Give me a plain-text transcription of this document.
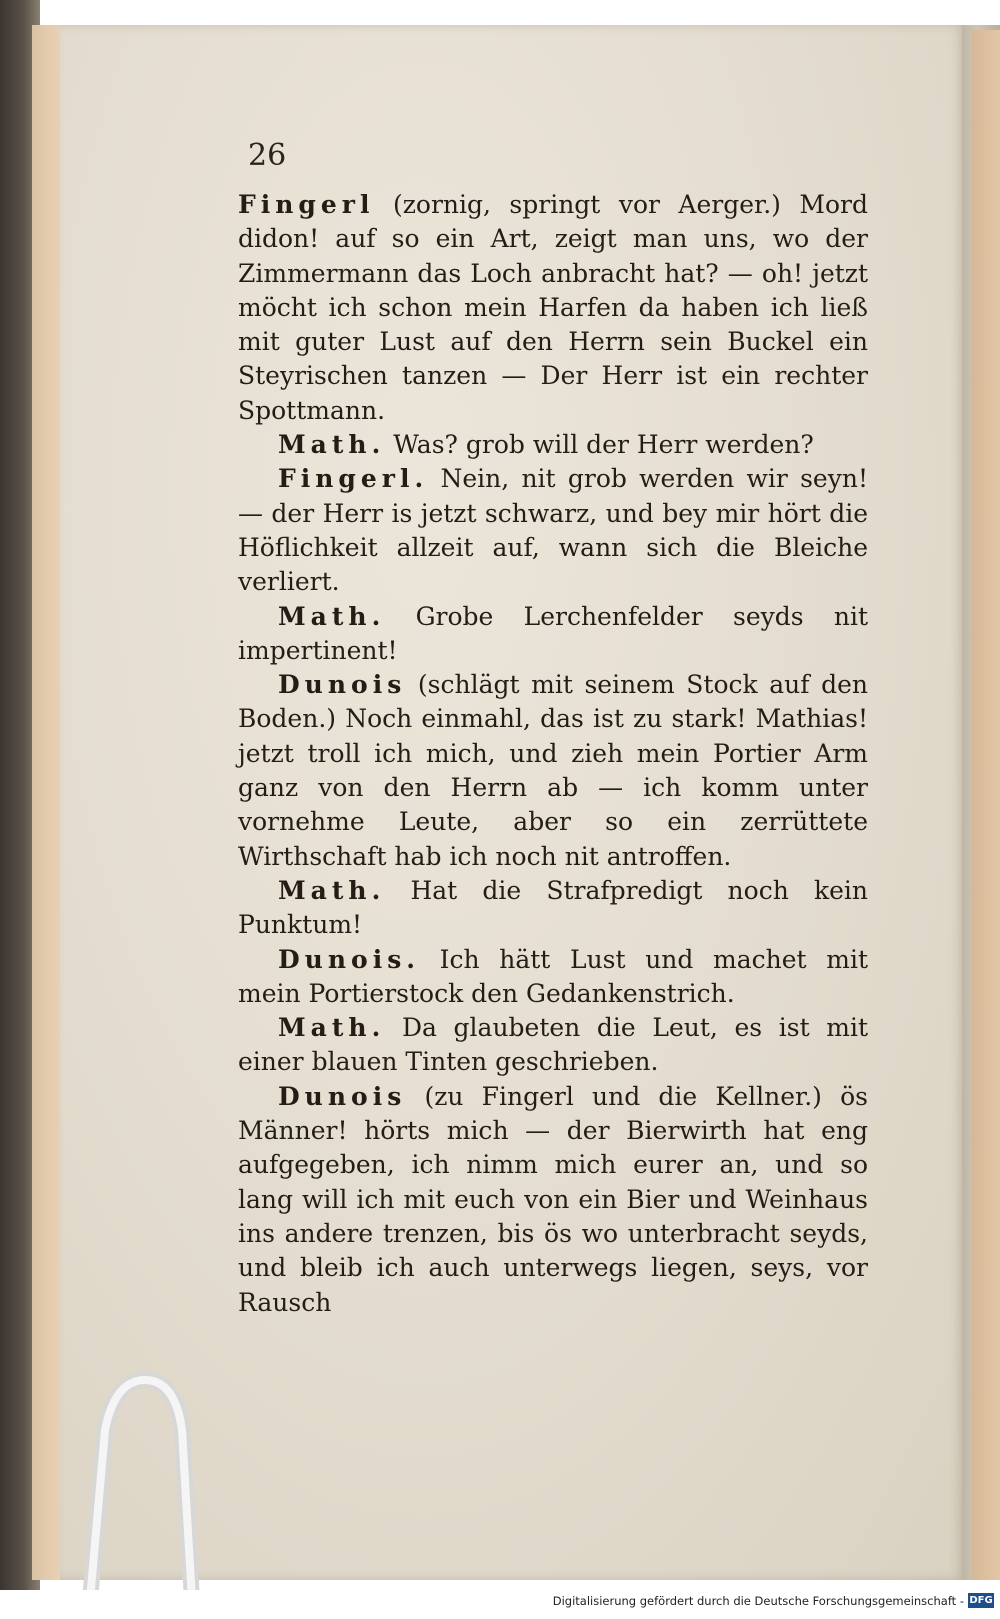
26

Fingerl (zornig, springt vor Aerger.) Mord didon! auf so ein Art, zeigt man uns, wo der Zimmermann das Loch anbracht hat? — oh! jetzt möcht ich schon mein Harfen da haben ich ließ mit guter Lust auf den Herrn sein Buckel ein Steyrischen tanzen — Der Herr ist ein rechter Spottmann.

Math. Was? grob will der Herr werden?

Fingerl. Nein, nit grob werden wir seyn! — der Herr is jetzt schwarz, und bey mir hört die Höflichkeit allzeit auf, wann sich die Bleiche verliert.

Math. Grobe Lerchenfelder seyds nit impertinent!

Dunois (schlägt mit seinem Stock auf den Boden.) Noch einmahl, das ist zu stark! Mathias! jetzt troll ich mich, und zieh mein Portier Arm ganz von den Herrn ab — ich komm unter vornehme Leute, aber so ein zerrüttete Wirthschaft hab ich noch nit antroffen.

Math. Hat die Strafpredigt noch kein Punktum!

Dunois. Ich hätt Lust und machet mit mein Portierstock den Gedankenstrich.

Math. Da glaubeten die Leut, es ist mit einer blauen Tinten geschrieben.

Dunois (zu Fingerl und die Kellner.) ös Männer! hörts mich — der Bierwirth hat eng aufgegeben, ich nimm mich eurer an, und so lang will ich mit euch von ein Bier und Weinhaus ins andere trenzen, bis ös wo unterbracht seyds, und bleib ich auch unterwegs liegen, seys, vor Rausch

Digitalisierung gefördert durch die Deutsche Forschungsgemeinschaft - DFG
